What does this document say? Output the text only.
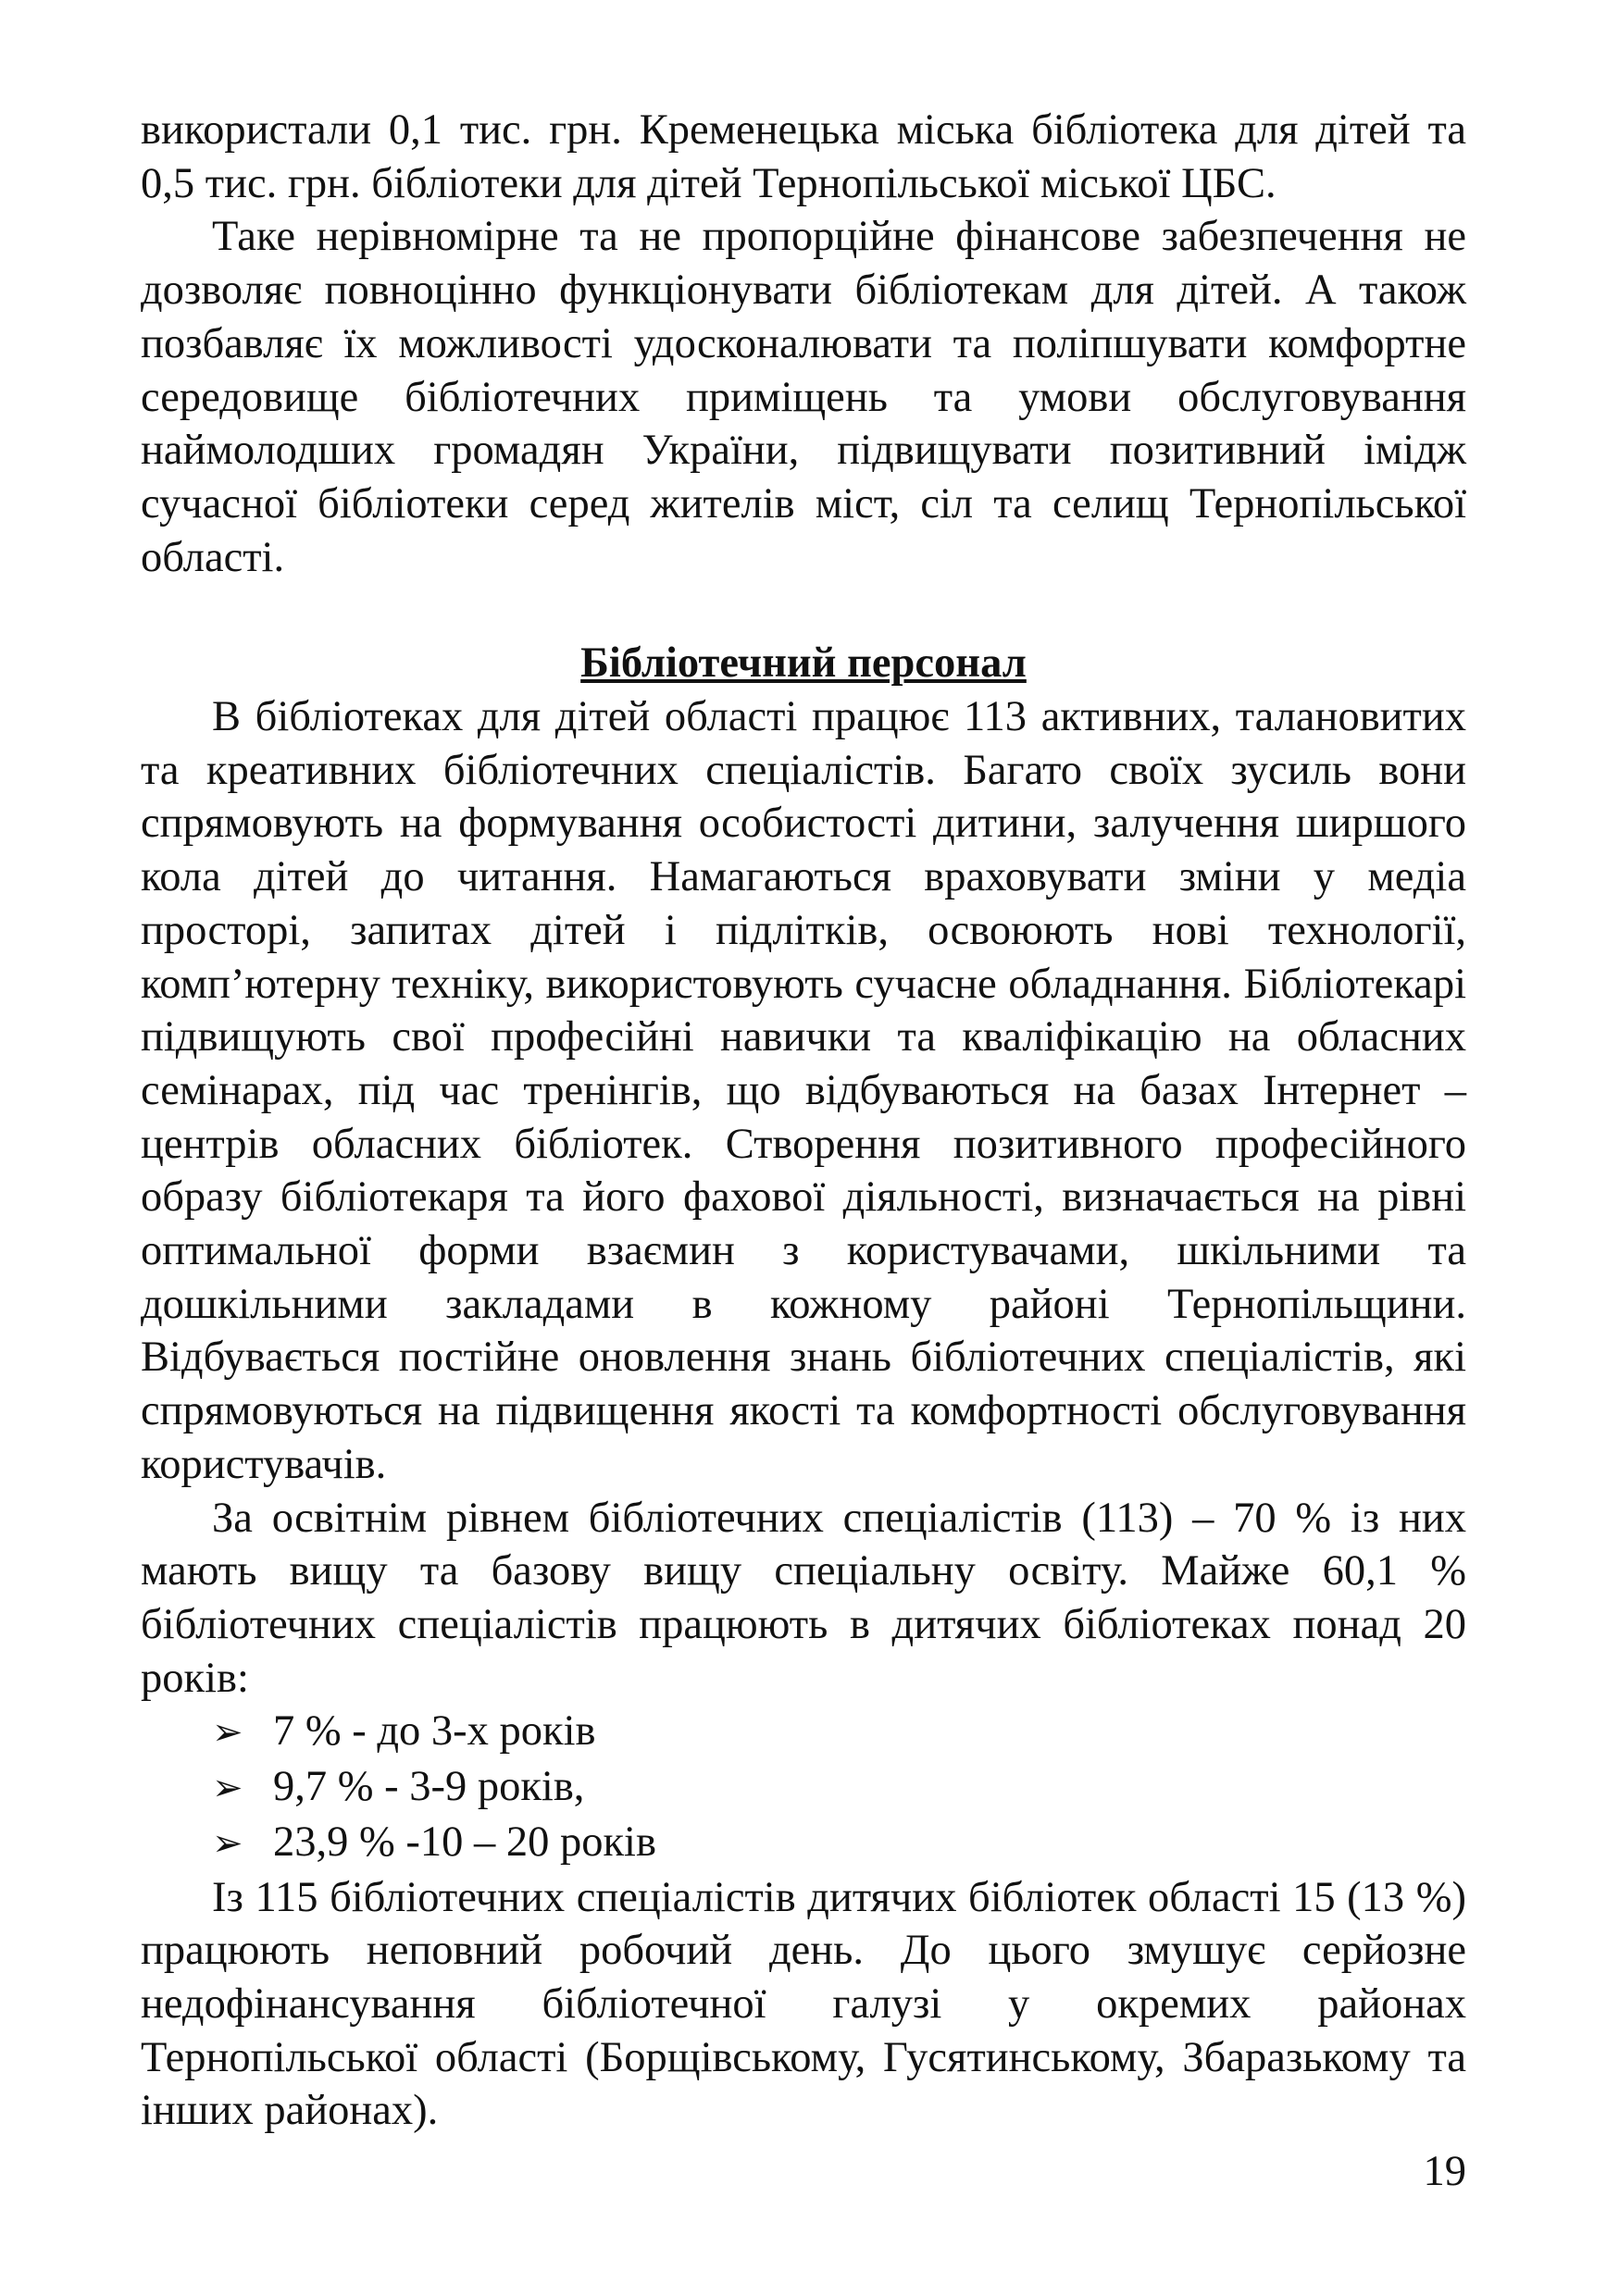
використали 0,1 тис. грн. Кременецька міська бібліотека для дітей та 0,5 тис. грн. бібліотеки для дітей Тернопільської міської ЦБС.

Таке нерівномірне та не пропорційне фінансове забезпечення не дозволяє повноцінно функціонувати бібліотекам для дітей. А також позбавляє їх можливості удосконалювати та поліпшувати комфортне середовище бібліотечних приміщень та умови обслуговування наймолодших громадян України, підвищувати позитивний імідж сучасної бібліотеки серед жителів міст, сіл та селищ Тернопільської області.

Бібліотечний персонал

В бібліотеках для дітей області працює 113 активних, талановитих та креативних бібліотечних спеціалістів. Багато своїх зусиль вони спрямовують на формування особистості дитини, залучення ширшого кола дітей до читання. Намагаються враховувати зміни у медіа просторі, запитах дітей і підлітків, освоюють нові технології, комп’ютерну техніку, використовують сучасне обладнання. Бібліотекарі підвищують свої професійні навички та кваліфікацію на обласних семінарах, під час тренінгів, що відбуваються на базах Інтернет – центрів обласних бібліотек. Створення позитивного професійного образу бібліотекаря та його фахової діяльності, визначається на рівні оптимальної форми взаємин з користувачами, шкільними та дошкільними закладами в кожному районі Тернопільщини. Відбувається постійне оновлення знань бібліотечних спеціалістів, які спрямовуються на підвищення якості та комфортності обслуговування користувачів.

За освітнім рівнем бібліотечних спеціалістів (113) – 70 % із них мають вищу та базову вищу спеціальну освіту. Майже 60,1 % бібліотечних спеціалістів працюють в дитячих бібліотеках понад 20 років:

➢ 7 % - до 3-х років
➢ 9,7 % - 3-9 років,
➢ 23,9 % -10 – 20 років

Із 115 бібліотечних спеціалістів дитячих бібліотек області 15 (13 %) працюють неповний робочий день. До цього змушує серйозне недофінансування бібліотечної галузі у окремих районах Тернопільської області (Борщівському, Гусятинському, Збаразькому та інших районах).

19
